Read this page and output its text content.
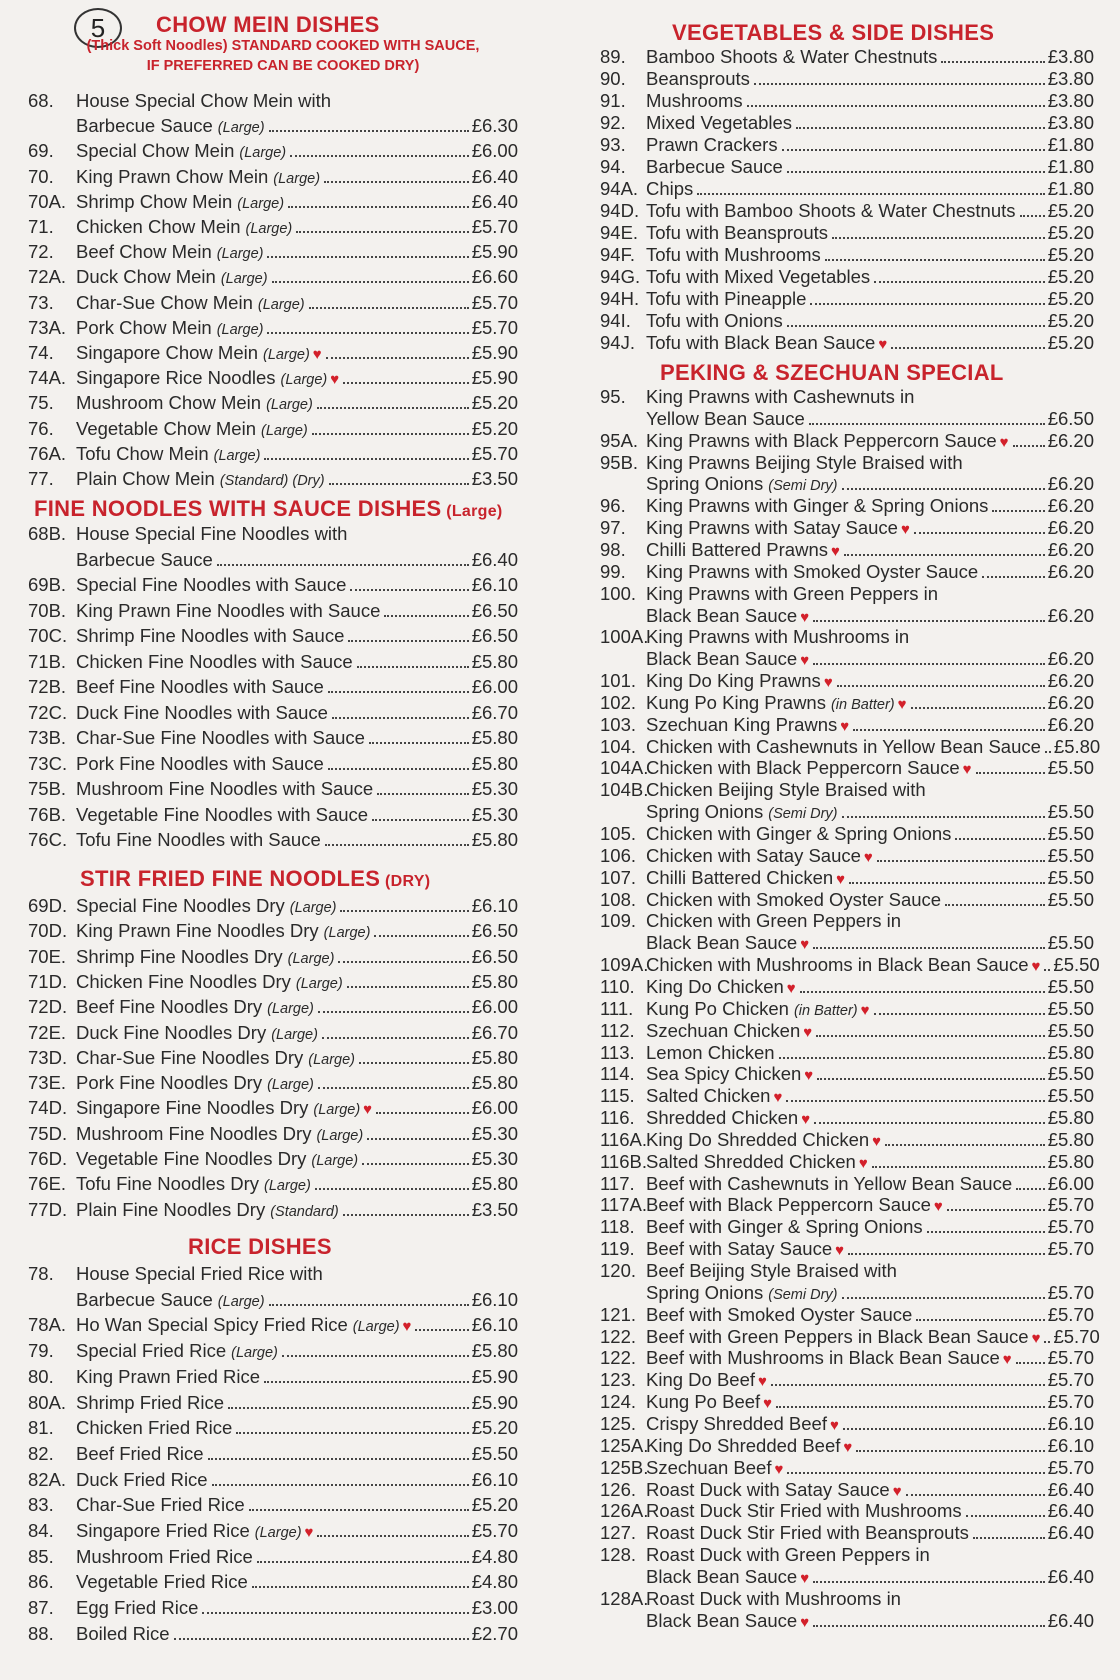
5	CHOW MEIN DISHES
(Thick Soft Noodles) STANDARD COOKED WITH SAUCE,
IF PREFERRED CAN BE COOKED DRY)
68.	House Special Chow Mein with
Barbecue Sauce (Large)	£6.30
69.	Special Chow Mein (Large)	£6.00
70.	King Prawn Chow Mein (Large)	£6.40
70A. Shrimp Chow Mein (Large)	£6.40
71.	Chicken Chow Mein (Large)	£5.70
72.	Beef Chow Mein (Large)	£5.90
72A. Duck Chow Mein (Large)	£6.60
73.	Char-Sue Chow Mein (Large)	£5.70
73A. Pork Chow Mein (Large)	£5.70
74.	Singapore Chow Mein (Large) ♥	£5.90
74A. Singapore Rice Noodles (Large) ♥	£5.90
75.	Mushroom Chow Mein (Large)	£5.20
76.	Vegetable Chow Mein (Large)	£5.20
76A. Tofu Chow Mein (Large)	£5.70
77.	Plain Chow Mein (Standard) (Dry)	£3.50
FINE NOODLES WITH SAUCE DISHES (Large)
68B. House Special Fine Noodles with
Barbecue Sauce	£6.40
69B. Special Fine Noodles with Sauce	£6.10
70B. King Prawn Fine Noodles with Sauce	£6.50
70C. Shrimp Fine Noodles with Sauce	£6.50
71B. Chicken Fine Noodles with Sauce	£5.80
72B. Beef Fine Noodles with Sauce	£6.00
72C. Duck Fine Noodles with Sauce	£6.70
73B. Char-Sue Fine Noodles with Sauce	£5.80
73C. Pork Fine Noodles with Sauce	£5.80
75B. Mushroom Fine Noodles with Sauce	£5.30
76B. Vegetable Fine Noodles with Sauce	£5.30
76C. Tofu Fine Noodles with Sauce	£5.80
STIR FRIED FINE NOODLES (DRY)
69D. Special Fine Noodles Dry (Large)	£6.10
70D. King Prawn Fine Noodles Dry (Large)	£6.50
70E. Shrimp Fine Noodles Dry (Large)	£6.50
71D. Chicken Fine Noodles Dry (Large)	£5.80
72D. Beef Fine Noodles Dry (Large)	£6.00
72E. Duck Fine Noodles Dry (Large)	£6.70
73D. Char-Sue Fine Noodles Dry (Large)	£5.80
73E. Pork Fine Noodles Dry (Large)	£5.80
74D. Singapore Fine Noodles Dry (Large) ♥	£6.00
75D. Mushroom Fine Noodles Dry (Large)	£5.30
76D. Vegetable Fine Noodles Dry (Large)	£5.30
76E. Tofu Fine Noodles Dry (Large)	£5.80
77D. Plain Fine Noodles Dry (Standard)	£3.50
RICE DISHES
78.	House Special Fried Rice with
Barbecue Sauce (Large)	£6.10
78A. Ho Wan Special Spicy Fried Rice (Large) ♥	£6.10
79.	Special Fried Rice (Large)	£5.80
80.	King Prawn Fried Rice	£5.90
80A. Shrimp Fried Rice	£5.90
81.	Chicken Fried Rice	£5.20
82.	Beef Fried Rice	£5.50
82A. Duck Fried Rice	£6.10
83.	Char-Sue Fried Rice	£5.20
84.	Singapore Fried Rice (Large) ♥	£5.70
85.	Mushroom Fried Rice	£4.80
86.	Vegetable Fried Rice	£4.80
87.	Egg Fried Rice	£3.00
88.	Boiled Rice	£2.70
VEGETABLES & SIDE DISHES
89.	Bamboo Shoots & Water Chestnuts	£3.80
90.	Beansprouts	£3.80
91.	Mushrooms	£3.80
92.	Mixed Vegetables	£3.80
93.	Prawn Crackers	£1.80
94.	Barbecue Sauce	£1.80
94A. Chips	£1.80
94D. Tofu with Bamboo Shoots & Water Chestnuts £5.20
94E. Tofu with Beansprouts	£5.20
94F. Tofu with Mushrooms	£5.20
94G. Tofu with Mixed Vegetables	£5.20
94H. Tofu with Pineapple	£5.20
94I. Tofu with Onions	£5.20
94J. Tofu with Black Bean Sauce ♥	£5.20
PEKING & SZECHUAN SPECIAL
95.	King Prawns with Cashewnuts in
Yellow Bean Sauce	£6.50
95A. King Prawns with Black Peppercorn Sauce ♥ £6.20
95B. King Prawns Beijing Style Braised with
Spring Onions (Semi Dry)	£6.20
96.	King Prawns with Ginger & Spring Onions	£6.20
97.	King Prawns with Satay Sauce ♥	£6.20
98.	Chilli Battered Prawns ♥	£6.20
99.	King Prawns with Smoked Oyster Sauce	£6.20
100. King Prawns with Green Peppers in
Black Bean Sauce ♥	£6.20
100A.
King Prawns with Mushrooms in
Black Bean Sauce ♥	£6.20
101. King Do King Prawns ♥	£6.20
102. Kung Po King Prawns (in Batter) ♥	£6.20
103. Szechuan King Prawns ♥	£6.20
104. Chicken with Cashewnuts in Yellow Bean Sauce £5.80
104A.
Chicken with Black Peppercorn Sauce ♥	£5.50
104B.
Chicken Beijing Style Braised with
Spring Onions (Semi Dry)	£5.50
105. Chicken with Ginger & Spring Onions	£5.50
106. Chicken with Satay Sauce ♥	£5.50
107. Chilli Battered Chicken ♥	£5.50
108. Chicken with Smoked Oyster Sauce	£5.50
109. Chicken with Green Peppers in
Black Bean Sauce ♥	£5.50
109A.
Chicken with Mushrooms in Black Bean Sauce ♥ £5.50
110. King Do Chicken ♥	£5.50
111. Kung Po Chicken (in Batter) ♥	£5.50
112. Szechuan Chicken ♥	£5.50
113. Lemon Chicken	£5.80
114. Sea Spicy Chicken ♥	£5.50
115. Salted Chicken ♥	£5.50
116. Shredded Chicken ♥	£5.80
116A. King Do Shredded Chicken ♥	£5.80
116B. Salted Shredded Chicken ♥	£5.80
117. Beef with Cashewnuts in Yellow Bean Sauce £6.00
117A. Beef with Black Peppercorn Sauce ♥	£5.70
118. Beef with Ginger & Spring Onions	£5.70
119. Beef with Satay Sauce ♥	£5.70
120. Beef Beijing Style Braised with
Spring Onions (Semi Dry)	£5.70
121. Beef with Smoked Oyster Sauce	£5.70
122. Beef with Green Peppers in Black Bean Sauce ♥ £5.70
122. Beef with Mushrooms in Black Bean Sauce ♥ £5.70
123. King Do Beef ♥	£5.70
124. Kung Po Beef ♥	£5.70
125. Crispy Shredded Beef ♥	£6.10
125A.
King Do Shredded Beef ♥	£6.10
125B.
Szechuan Beef ♥	£5.70
126. Roast Duck with Satay Sauce ♥	£6.40
126A.
Roast Duck Stir Fried with Mushrooms	£6.40
127. Roast Duck Stir Fried with Beansprouts	£6.40
128. Roast Duck with Green Peppers in
Black Bean Sauce ♥	£6.40
128A.
Roast Duck with Mushrooms in
Black Bean Sauce ♥	£6.40
